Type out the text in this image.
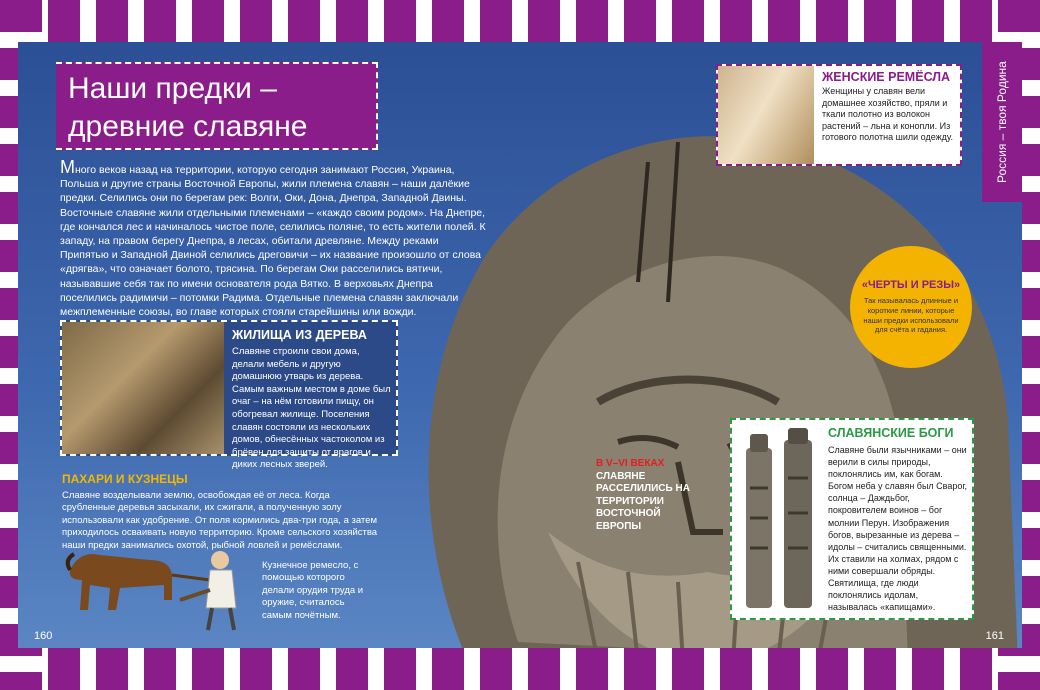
Россия – твоя Родина
Наши предки – древние славяне
Много веков назад на территории, которую сегодня занимают Россия, Украина, Польша и другие страны Восточной Европы, жили племена славян – наши далёкие предки. Селились они по берегам рек: Волги, Оки, Дона, Днепра, Западной Двины. Восточные славяне жили отдельными племенами – «каждо своим родом». На Днепре, где кончался лес и начиналось чистое поле, селились поляне, то есть жители полей. К западу, на правом берегу Днепра, в лесах, обитали древляне. Между реками Припятью и Западной Двиной селились дреговичи – их название произошло от слова «дрягва», что означает болото, трясина. По берегам Оки расселились вятичи, называвшие себя так по имени основателя рода Вятко. В верховьях Днепра поселились радимичи – потомки Радима. Отдельные племена славян заключали межплеменные союзы, во главе которых стояли старейшины или вожди.
ЖИЛИЩА ИЗ ДЕРЕВА
Славяне строили свои дома, делали мебель и другую домашнюю утварь из дерева. Самым важным местом в доме был очаг – на нём готовили пищу, он обогревал жилище. Поселения славян состояли из нескольких домов, обнесённых частоколом из брёвен для защиты от врагов и диких лесных зверей.
ПАХАРИ И КУЗНЕЦЫ
Славяне возделывали землю, освобождая её от леса. Когда срубленные деревья засыхали, их сжигали, а полученную золу использовали как удобрение. От поля кормились два-три года, а затем приходилось осваивать новую территорию. Кроме сельского хозяйства наши предки занимались охотой, рыбной ловлей и ремёслами.
Кузнечное ремесло, с помощью которого делали орудия труда и оружие, считалось самым почётным.
ЖЕНСКИЕ РЕМЁСЛА
Женщины у славян вели домашнее хозяйство, пряли и ткали полотно из волокон растений – льна и конопли. Из готового полотна шили одежду.
«ЧЕРТЫ И РЕЗЫ»
Так называлась длинные и короткие линии, которые наши предки использовали для счёта и гадания.
СЛАВЯНСКИЕ БОГИ
Славяне были язычниками – они верили в силы природы, поклонялись им, как богам. Богом неба у славян был Сварог, солнца – Даждьбог, покровителем воинов – бог молнии Перун. Изображения богов, вырезанные из дерева – идолы – считались священными. Их ставили на холмах, рядом с ними совершали обряды. Святилища, где люди поклонялись идолам, называлась «капищами».
В V–VI ВЕКАХ
СЛАВЯНЕ РАССЕЛИЛИСЬ НА ТЕРРИТОРИИ ВОСТОЧНОЙ ЕВРОПЫ
160	161
